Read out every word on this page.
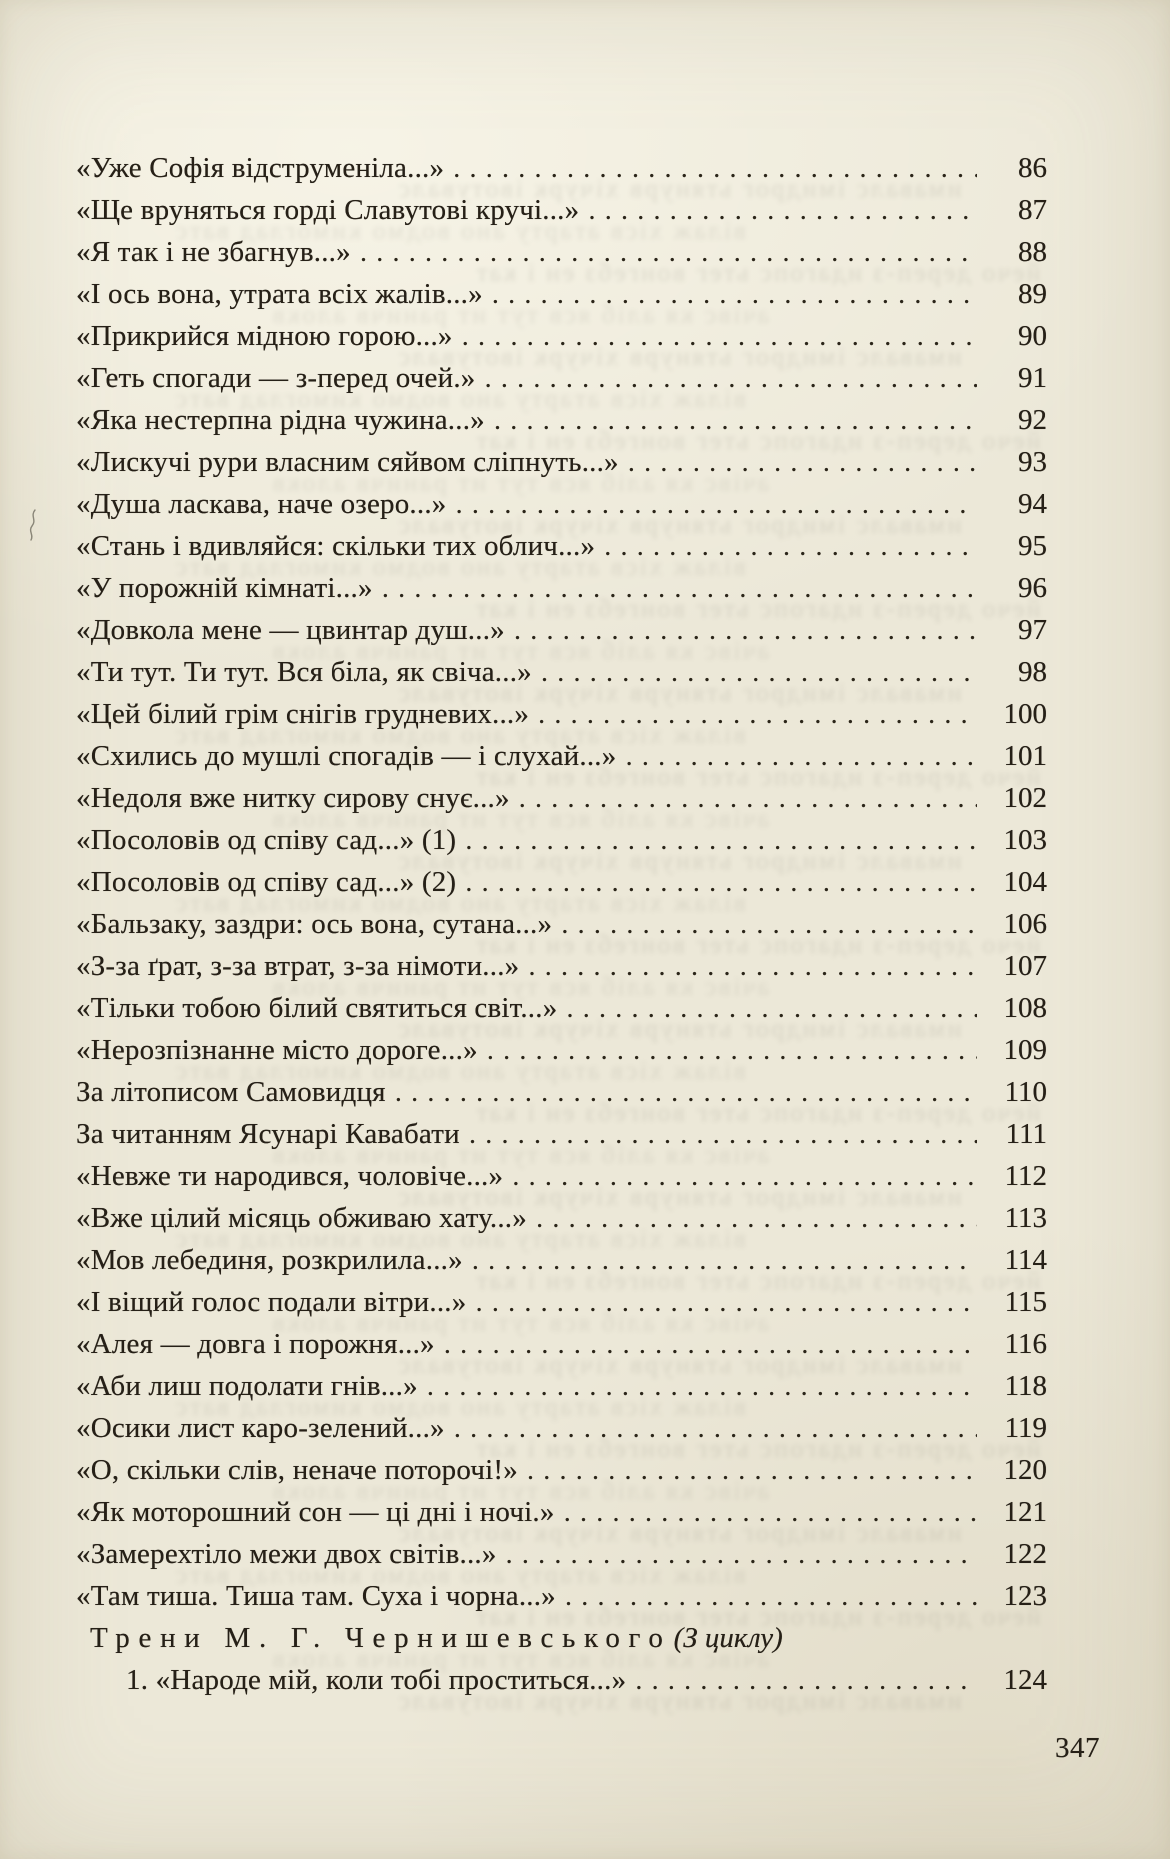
имавалс імидрог ьтянурв хічурк івотувалс «Уже Софія відструменіла...» .....	86
вілаж хісв атарту ано водмо кимоглад ватс «Ще вруняться горді Славутові кручі...» .....	87
йечо дереп-з идагопс ьтег вонгебз ен і кат «Я так і не збагнув...» .....	88
ачівс кя аліб ясв тут ит раничв алокв «І ось вона, утрата всіх жалів...» .....	89
имавалс імидрог ьтянурв хічурк івотувалс «Прикрийся мідною горою...» .....	90
вілаж хісв атарту ано водмо кимоглад ватс «Геть спогади — з-перед очей.» .....	91
йечо дереп-з идагопс ьтег вонгебз ен і кат «Яка нестерпна рідна чужина...» .....	92
ачівс кя аліб ясв тут ит раничв алокв «Лискучі рури власним сяйвом сліпнуть...» .....	93
имавалс імидрог ьтянурв хічурк івотувалс «Душа ласкава, наче озеро...» .....	94
вілаж хісв атарту ано водмо кимоглад ватс «Стань і вдивляйся: скільки тих облич...» .....	95
йечо дереп-з идагопс ьтег вонгебз ен і кат «У порожній кімнаті...» .....	96
ачівс кя аліб ясв тут ит раничв алокв «Довкола мене — цвинтар душ...» .....	97
имавалс імидрог ьтянурв хічурк івотувалс «Ти тут. Ти тут. Вся біла, як свіча...» .....	98
вілаж хісв атарту ано водмо кимоглад ватс «Цей білий грім снігів грудневих...» .....	100
йечо дереп-з идагопс ьтег вонгебз ен і кат «Схились до мушлі спогадів — і слухай...» .....	101
ачівс кя аліб ясв тут ит раничв алокв «Недоля вже нитку сирову снує...» .....	102
имавалс імидрог ьтянурв хічурк івотувалс «Посоловів од співу сад...» (1) .....	103
вілаж хісв атарту ано водмо кимоглад ватс «Посоловів од співу сад...» (2) .....	104
йечо дереп-з идагопс ьтег вонгебз ен і кат «Бальзаку, заздри: ось вона, сутана...» .....	106
ачівс кя аліб ясв тут ит раничв алокв «З-за ґрат, з-за втрат, з-за німоти...» .....	107
имавалс імидрог ьтянурв хічурк івотувалс «Тільки тобою білий святиться світ...» .....	108
вілаж хісв атарту ано водмо кимоглад ватс «Нерозпізнанне місто дороге...» .....	109
йечо дереп-з идагопс ьтег вонгебз ен і кат За літописом Самовидця .....	110
ачівс кя аліб ясв тут ит раничв алокв За читанням Ясунарі Кавабати .....	111
имавалс імидрог ьтянурв хічурк івотувалс «Невже ти народився, чоловіче...» .....	112
вілаж хісв атарту ано водмо кимоглад ватс «Вже цілий місяць обживаю хату...» .....	113
йечо дереп-з идагопс ьтег вонгебз ен і кат «Мов лебединя, розкрилила...» .....	114
ачівс кя аліб ясв тут ит раничв алокв «І віщий голос подали вітри...» .....	115
имавалс імидрог ьтянурв хічурк івотувалс «Алея — довга і порожня...» .....	116
вілаж хісв атарту ано водмо кимоглад ватс «Аби лиш подолати гнів...» .....	118
йечо дереп-з идагопс ьтег вонгебз ен і кат «Осики лист каро-зелений...» .....	119
ачівс кя аліб ясв тут ит раничв алокв «О, скільки слів, неначе поторочі!» .....	120
имавалс імидрог ьтянурв хічурк івотувалс «Як моторошний сон — ці дні і ночі.» .....	121
вілаж хісв атарту ано водмо кимоглад ватс «Замерехтіло межи двох світів...» .....	122
йечо дереп-з идагопс ьтег вонгебз ен і кат «Там тиша. Тиша там. Суха і чорна...» .....	123
ачівс кя аліб ясв тут ит раничв алокв Трени М. Г. Чернишевського (З циклу)
имавалс імидрог ьтянурв хічурк івотувалс 1. «Народе мій, коли тобі проститься...» .....	124
347
